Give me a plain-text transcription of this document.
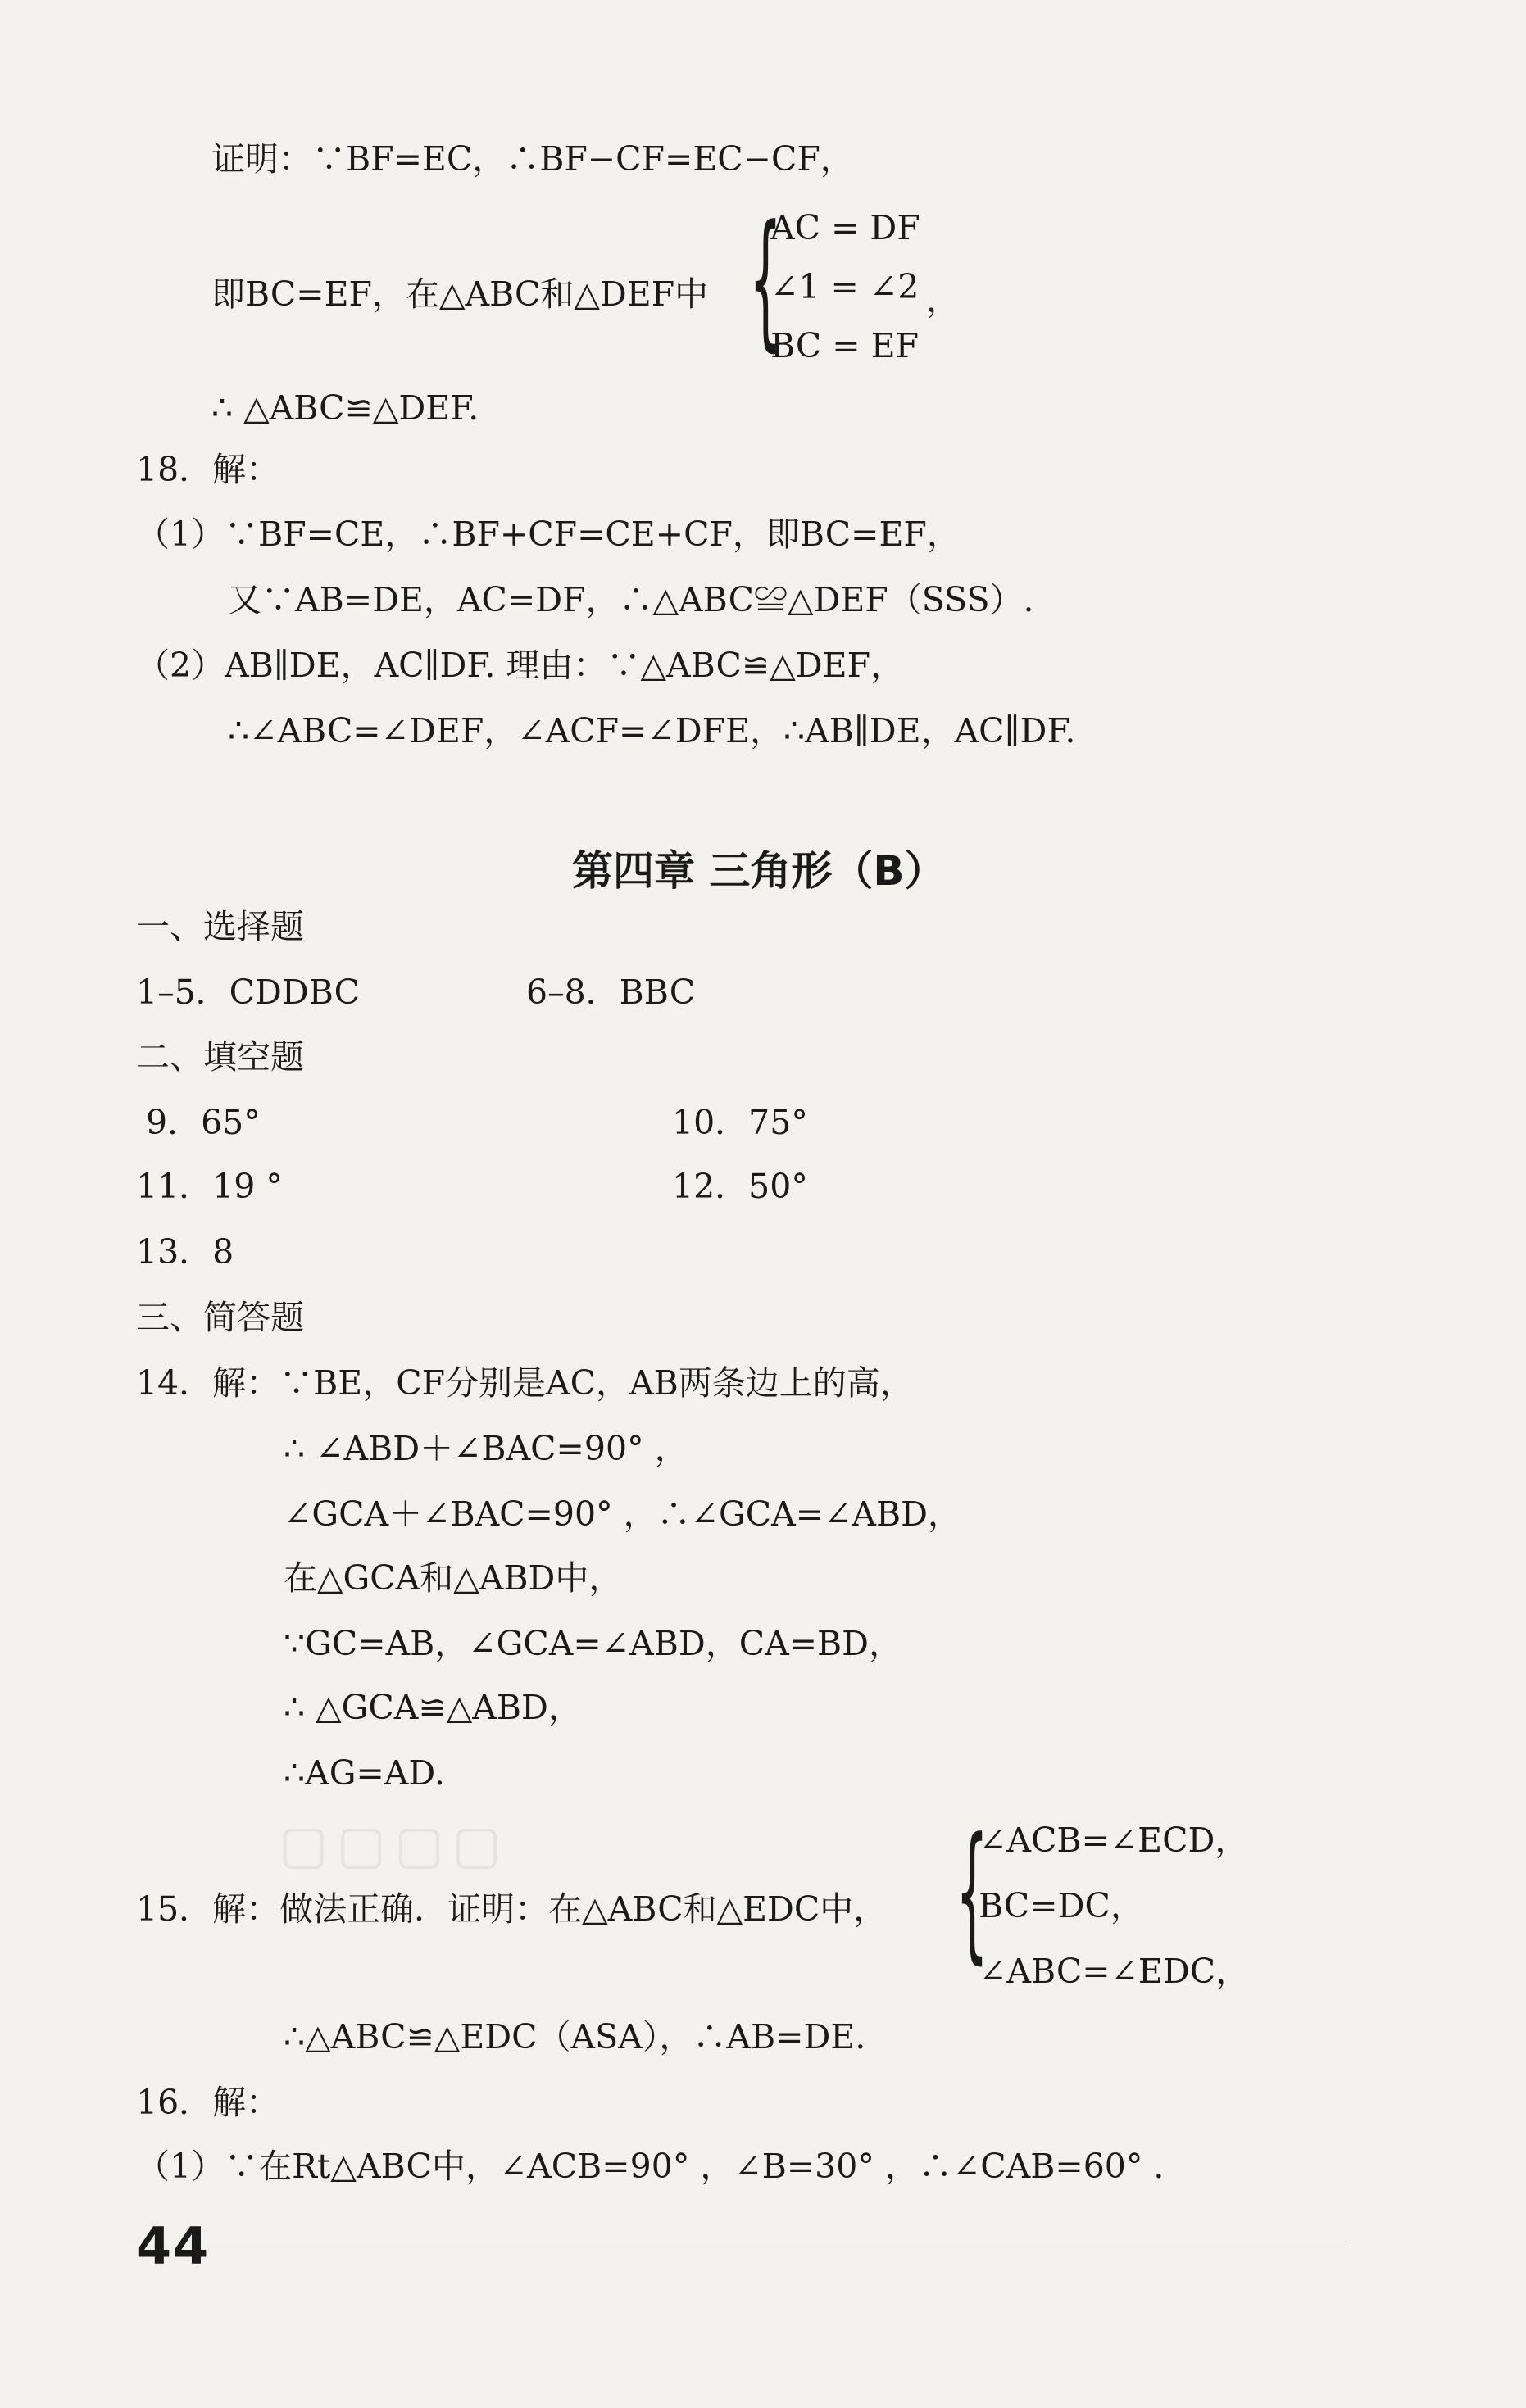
证明：∵BF=EC，∴BF−CF=EC−CF，
即BC=EF，在△ABC和△DEF中 {
AC = DF
∠1 = ∠2
BC = EF
，
∴ △ABC≌△DEF.
18．解：
（1）∵BF=CE，∴BF+CF=CE+CF，即BC=EF，
又∵AB=DE，AC=DF，∴△ABC≌△DEF（SSS）.
（2）AB∥DE，AC∥DF. 理由：∵△ABC≌△DEF，
∴∠ABC=∠DEF，∠ACF=∠DFE，∴AB∥DE，AC∥DF.
第四章 三角形（B）
一、选择题
1–5．CDDBC	6–8．BBC
二、填空题
9．65°	10．75°
11．19 °	12．50°
13．8
三、简答题
14．解：∵BE，CF分别是AC，AB两条边上的高，
∴ ∠ABD＋∠BAC=90° ，
∠GCA＋∠BAC=90° ，∴∠GCA=∠ABD，
在△GCA和△ABD中，
∵GC=AB，∠GCA=∠ABD，CA=BD，
∴ △GCA≌△ABD，
∴AG=AD.
▢▢▢▢
15．解：做法正确．证明：在△ABC和△EDC中， {
∠ACB=∠ECD，
BC=DC，
∠ABC=∠EDC，
∴△ABC≌△EDC（ASA），∴AB=DE.
16．解：
（1）∵在Rt△ABC中，∠ACB=90° ，∠B=30° ，∴∠CAB=60° .
44
